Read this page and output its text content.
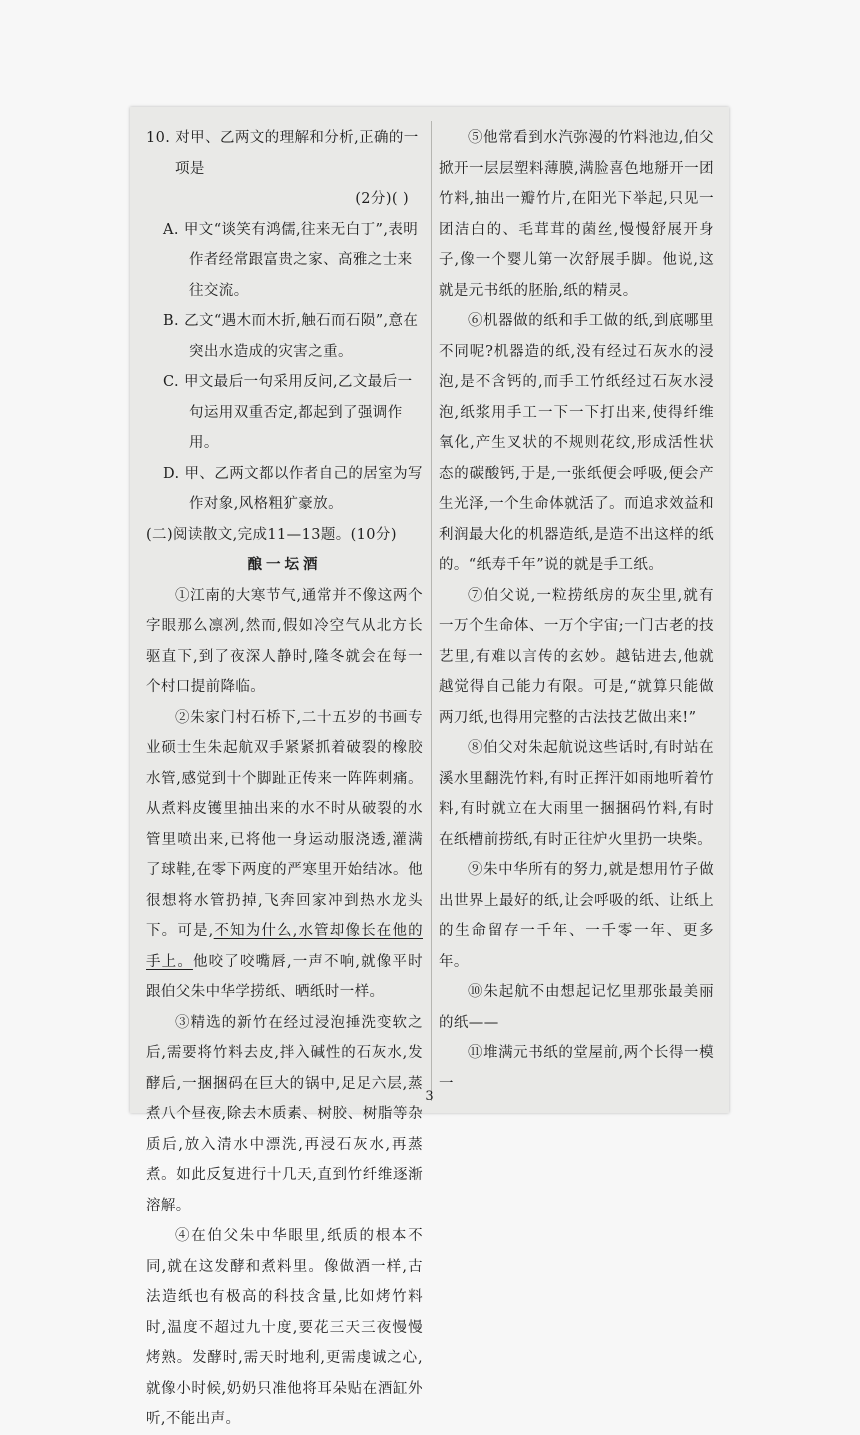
10. 对甲、乙两文的理解和分析,正确的一项是

(2分)( )

A. 甲文“谈笑有鸿儒,往来无白丁”,表明作者经常跟富贵之家、高雅之士来往交流。

B. 乙文“遇木而木折,触石而石陨”,意在突出水造成的灾害之重。

C. 甲文最后一句采用反问,乙文最后一句运用双重否定,都起到了强调作用。

D. 甲、乙两文都以作者自己的居室为写作对象,风格粗犷豪放。

(二)阅读散文,完成11—13题。(10分)

酿一坛酒

①江南的大寒节气,通常并不像这两个字眼那么凛冽,然而,假如冷空气从北方长驱直下,到了夜深人静时,隆冬就会在每一个村口提前降临。

②朱家门村石桥下,二十五岁的书画专业硕士生朱起航双手紧紧抓着破裂的橡胶水管,感觉到十个脚趾正传来一阵阵刺痛。从煮料皮镬里抽出来的水不时从破裂的水管里喷出来,已将他一身运动服浇透,灌满了球鞋,在零下两度的严寒里开始结冰。他很想将水管扔掉,飞奔回家冲到热水龙头下。可是,不知为什么,水管却像长在他的手上。他咬了咬嘴唇,一声不响,就像平时跟伯父朱中华学捞纸、晒纸时一样。

③精选的新竹在经过浸泡捶洗变软之后,需要将竹料去皮,拌入碱性的石灰水,发酵后,一捆捆码在巨大的锅中,足足六层,蒸煮八个昼夜,除去木质素、树胶、树脂等杂质后,放入清水中漂洗,再浸石灰水,再蒸煮。如此反复进行十几天,直到竹纤维逐渐溶解。

④在伯父朱中华眼里,纸质的根本不同,就在这发酵和煮料里。像做酒一样,古法造纸也有极高的科技含量,比如烤竹料时,温度不超过九十度,要花三天三夜慢慢烤熟。发酵时,需天时地利,更需虔诚之心,就像小时候,奶奶只准他将耳朵贴在酒缸外听,不能出声。

⑤他常看到水汽弥漫的竹料池边,伯父掀开一层层塑料薄膜,满脸喜色地掰开一团竹料,抽出一瓣竹片,在阳光下举起,只见一团洁白的、毛茸茸的菌丝,慢慢舒展开身子,像一个婴儿第一次舒展手脚。他说,这就是元书纸的胚胎,纸的精灵。

⑥机器做的纸和手工做的纸,到底哪里不同呢?机器造的纸,没有经过石灰水的浸泡,是不含钙的,而手工竹纸经过石灰水浸泡,纸浆用手工一下一下打出来,使得纤维氧化,产生叉状的不规则花纹,形成活性状态的碳酸钙,于是,一张纸便会呼吸,便会产生光泽,一个生命体就活了。而追求效益和利润最大化的机器造纸,是造不出这样的纸的。“纸寿千年”说的就是手工纸。

⑦伯父说,一粒捞纸房的灰尘里,就有一万个生命体、一万个宇宙;一门古老的技艺里,有难以言传的玄妙。越钻进去,他就越觉得自己能力有限。可是,“就算只能做两刀纸,也得用完整的古法技艺做出来!”

⑧伯父对朱起航说这些话时,有时站在溪水里翻洗竹料,有时正挥汗如雨地听着竹料,有时就立在大雨里一捆捆码竹料,有时在纸槽前捞纸,有时正往炉火里扔一块柴。

⑨朱中华所有的努力,就是想用竹子做出世界上最好的纸,让会呼吸的纸、让纸上的生命留存一千年、一千零一年、更多年。

⑩朱起航不由想起记忆里那张最美丽的纸——

⑪堆满元书纸的堂屋前,两个长得一模一

3
